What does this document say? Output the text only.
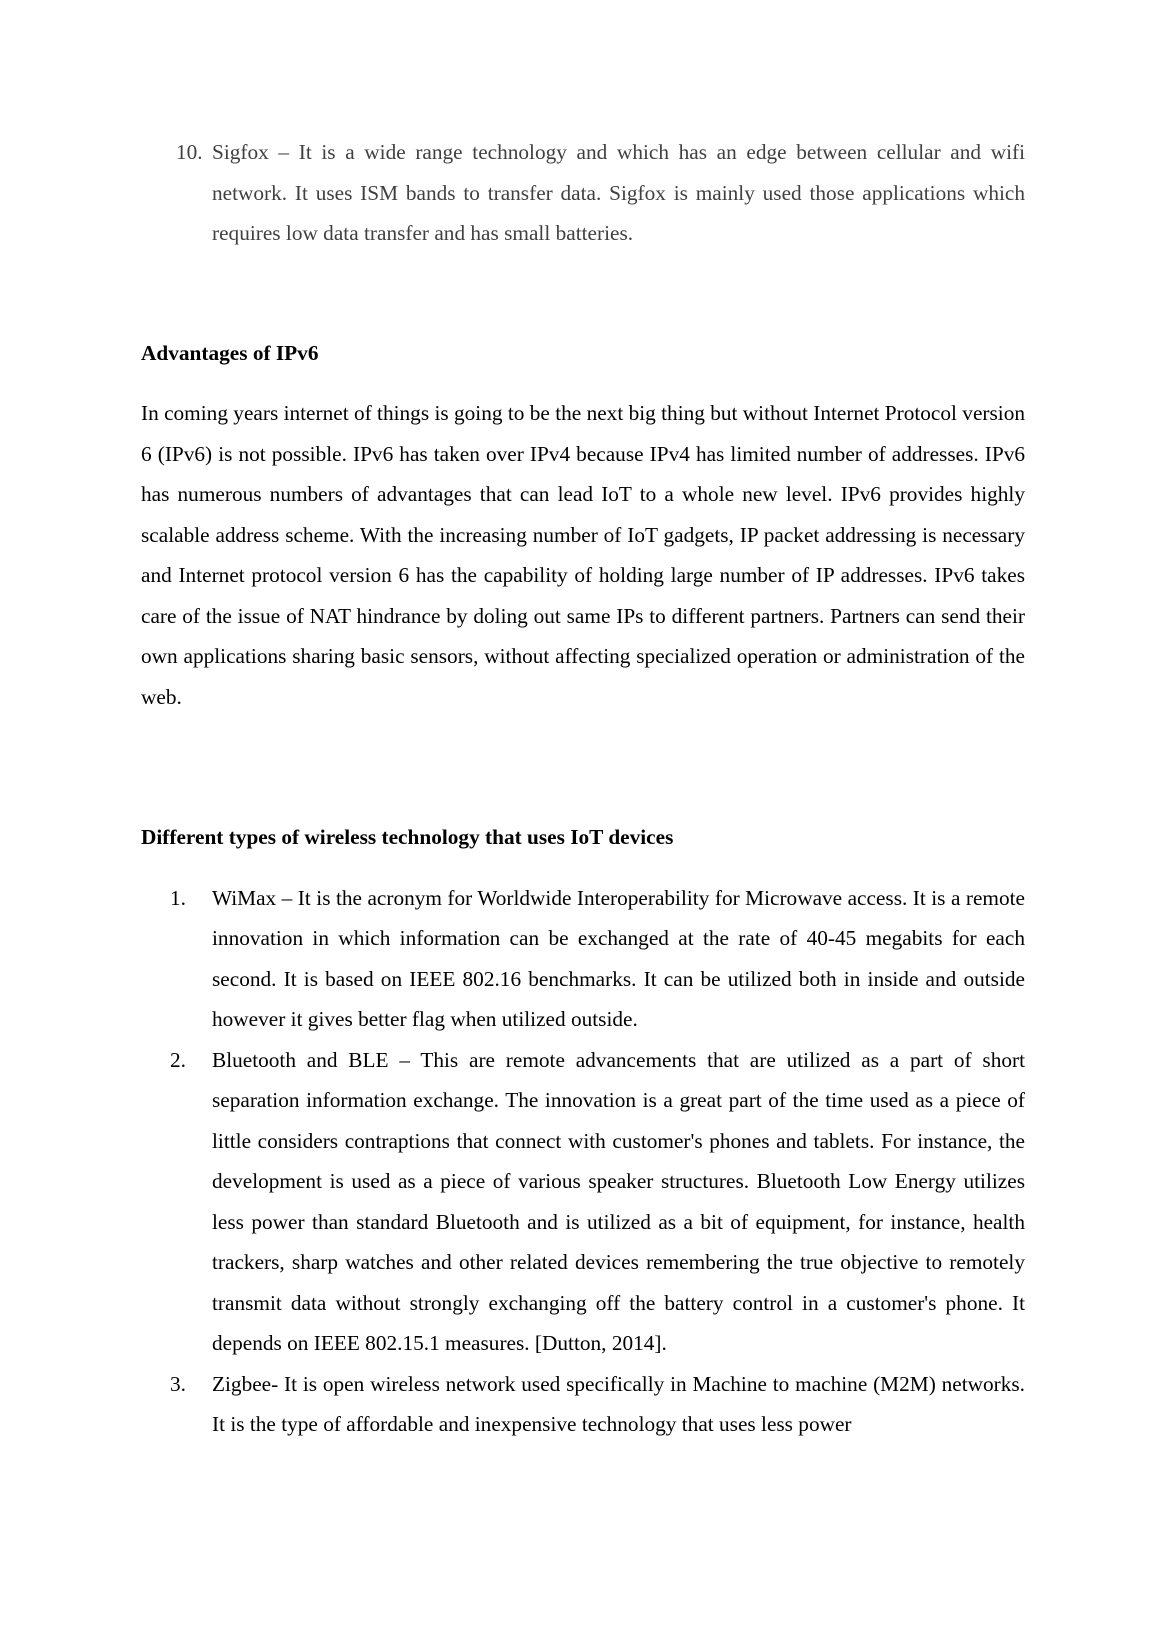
10. Sigfox – It is a wide range technology and which has an edge between cellular and wifi network. It uses ISM bands to transfer data. Sigfox is mainly used those applications which requires low data transfer and has small batteries.
Advantages of IPv6

In coming years internet of things is going to be the next big thing but without Internet Protocol version 6 (IPv6) is not possible. IPv6 has taken over IPv4 because IPv4 has limited number of addresses. IPv6 has numerous numbers of advantages that can lead IoT to a whole new level. IPv6 provides highly scalable address scheme. With the increasing number of IoT gadgets, IP packet addressing is necessary and Internet protocol version 6 has the capability of holding large number of IP addresses. IPv6 takes care of the issue of NAT hindrance by doling out same IPs to different partners. Partners can send their own applications sharing basic sensors, without affecting specialized operation or administration of the web.

Different types of wireless technology that uses IoT devices
1.	WiMax – It is the acronym for Worldwide Interoperability for Microwave access. It is a remote innovation in which information can be exchanged at the rate of 40-45 megabits for each second. It is based on IEEE 802.16 benchmarks. It can be utilized both in inside and outside however it gives better flag when utilized outside.
2.	Bluetooth and BLE – This are remote advancements that are utilized as a part of short separation information exchange. The innovation is a great part of the time used as a piece of little considers contraptions that connect with customer's phones and tablets. For instance, the development is used as a piece of various speaker structures. Bluetooth Low Energy utilizes less power than standard Bluetooth and is utilized as a bit of equipment, for instance, health trackers, sharp watches and other related devices remembering the true objective to remotely transmit data without strongly exchanging off the battery control in a customer's phone. It depends on IEEE 802.15.1 measures. [Dutton, 2014].
3.	Zigbee- It is open wireless network used specifically in Machine to machine (M2M) networks. It is the type of affordable and inexpensive technology that uses less power
